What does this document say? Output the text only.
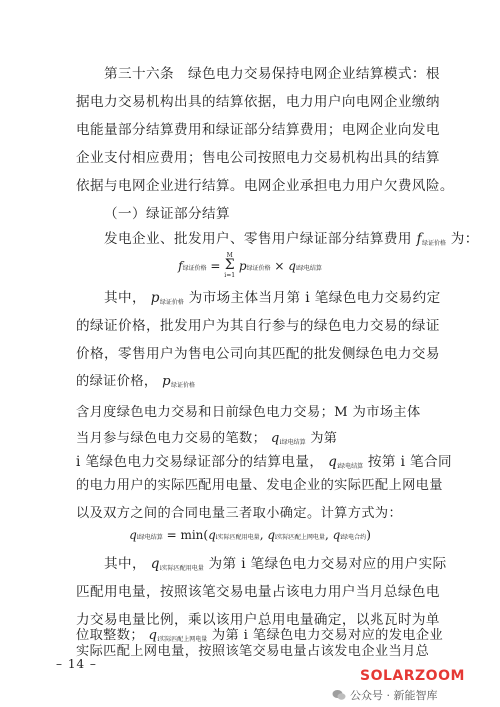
第三十六条　绿色电力交易保持电网企业结算模式：根
据电力交易机构出具的结算依据，电力用户向电网企业缴纳
电能量部分结算费用和绿证部分结算费用；电网企业向发电
企业支付相应费用；售电公司按照电力交易机构出具的结算
依据与电网企业进行结算。电网企业承担电力用户欠费风险。
（一）绿证部分结算
发电企业、批发用户、零售用户绿证部分结算费用 $f_{绿证价格}$ 为：
f绿证价格 =
M
Σ
i=1
p绿证价格 × qi绿电结算
其中， $p_{绿证价格}$ 为市场主体当月第 i 笔绿色电力交易约定
的绿证价格，批发用户为其自行参与的绿色电力交易的绿证
价格，零售用户为售电公司向其匹配的批发侧绿色电力交易
的绿证价格， $p_{绿证价格}$
含月度绿色电力交易和日前绿色电力交易；M 为市场主体当月参与绿色电力交易的笔数； $q_{i绿电结算}$ 为第
i 笔绿色电力交易绿证部分的结算电量， $q_{i绿电结算}$ 按第 i 笔合同
的电力用户的实际匹配用电量、发电企业的实际匹配上网电量
以及双方之间的合同电量三者取小确定。计算方式为：
qi绿电结算 = min(qi实际匹配用电量, qi实际匹配上网电量, qi绿电合约)
其中， $q_{i实际匹配用电量}$ 为第 i 笔绿色电力交易对应的用户实际
匹配用电量，按照该笔交易电量占该电力用户当月总绿色电
力交易电量比例，乘以该用户总用电量确定，以兆瓦时为单
位取整数； $q_{i实际匹配上网电量}$ 为第 i 笔绿色电力交易对应的发电企业
实际匹配上网电量，按照该笔交易电量占该发电企业当月总
– 14 –
SOLARZOOM
公众号 · 新能智库
